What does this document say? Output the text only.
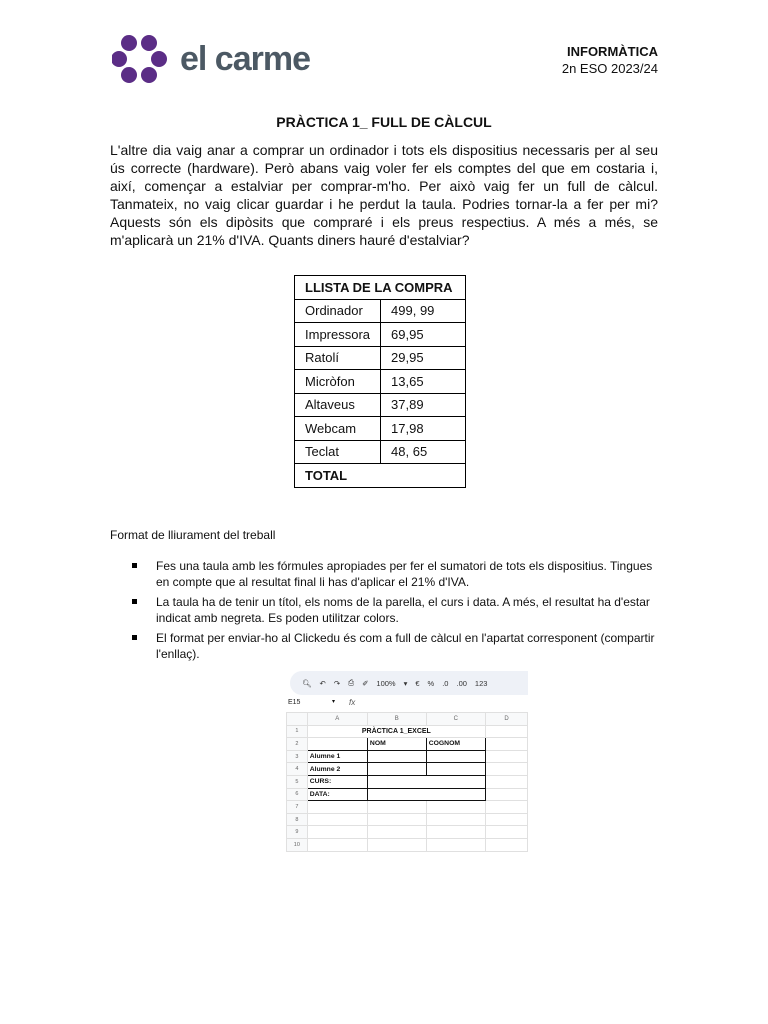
el carme	INFORMÀTICA
2n ESO 2023/24
PRÀCTICA 1_ FULL DE CÀLCUL

L'altre dia vaig anar a comprar un ordinador i tots els dispositius necessaris per al seu ús correcte (hardware). Però abans vaig voler fer els comptes del que em costaria i, així, començar a estalviar per comprar-m'ho. Per això vaig fer un full de càlcul. Tanmateix, no vaig clicar guardar i he perdut la taula. Podries tornar-la a fer per mi? Aquests són els dipòsits que compraré i els preus respectius. A més a més, se m'aplicarà un 21% d'IVA. Quants diners hauré d'estalviar?

LLISTA DE LA COMPRA	
Ordinador	499, 99
Impressora	69,95
Ratolí	29,95
Micròfon	13,65
Altaveus	37,89
Webcam	17,98
Teclat	48, 65
TOTAL	

Format de lliurament del treball

Fes una taula amb les fórmules apropiades per fer el sumatori de tots els dispositius. Tingues en compte que al resultat final li has d'aplicar el 21% d'IVA.
La taula ha de tenir un títol, els noms de la parella, el curs i data. A més, el resultat ha d'estar indicat amb negreta. Es poden utilitzar colors.
El format per enviar-ho al Clickedu és com a full de càlcul en l'apartat corresponent (compartir l'enllaç).
🔍︎ ↶ ↷ ⎙ ✐ 100% ▾ € % .0 .00 123
E15	▾ fx
	A	B	C	D
1	PRÀCTICA 1_EXCEL			
2		NOM	COGNOM	
3	Alumne 1			
4	Alumne 2			
5	CURS:			
6	DATA:			
7				
8				
9				
10				
